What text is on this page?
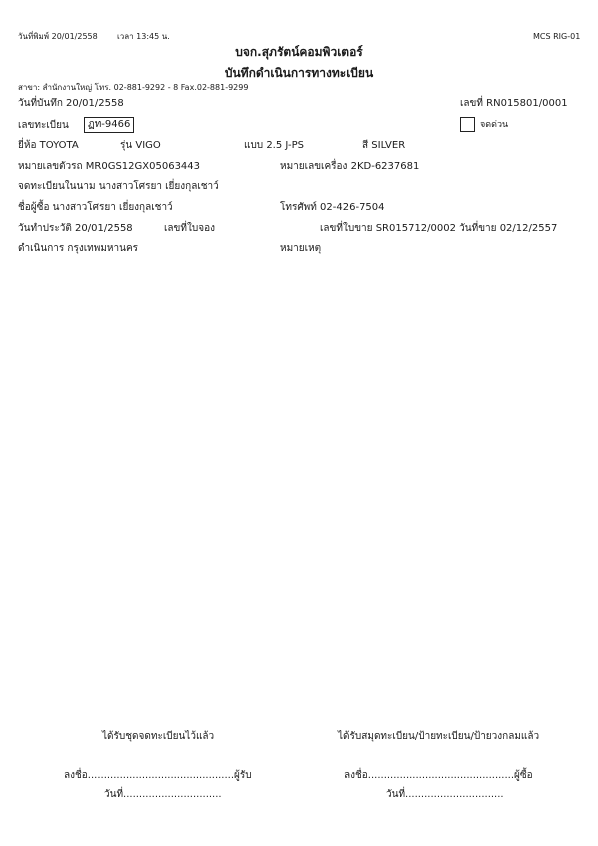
วันที่พิมพ์ 20/01/2558 เวลา 13:45 น.	MCS RIG-01
บจก.สุภรัตน์คอมพิวเตอร์
บันทึกดำเนินการทางทะเบียน
สาขา: สำนักงานใหญ่ โทร. 02-881-9292 - 8 Fax.02-881-9299
วันที่บันทึก 20/01/2558	เลขที่ RN015801/0001
เลขทะเบียน	ฏท-9466	จดด่วน
ยี่ห้อ TOYOTA	รุ่น VIGO	แบบ 2.5 J-PS	สี SILVER
หมายเลขตัวรถ MR0GS12GX05063443	หมายเลขเครื่อง 2KD-6237681
จดทะเบียนในนาม นางสาวโศรยา เยี่ยงกุลเชาว์
ชื่อผู้ซื้อ นางสาวโศรยา เยี่ยงกุลเชาว์	โทรศัพท์ 02-426-7504
วันทำประวัติ 20/01/2558	เลขที่ใบจอง	เลขที่ใบขาย SR015712/0002 วันที่ขาย 02/12/2557
ดำเนินการ กรุงเทพมหานคร	หมายเหตุ
ได้รับชุดจดทะเบียนไว้แล้ว	ได้รับสมุดทะเบียน/ป้ายทะเบียน/ป้ายวงกลมแล้ว
ลงชื่อ..............................................ผู้รับ	ลงชื่อ..............................................ผู้ซื้อ
วันที่...............................	วันที่...............................
